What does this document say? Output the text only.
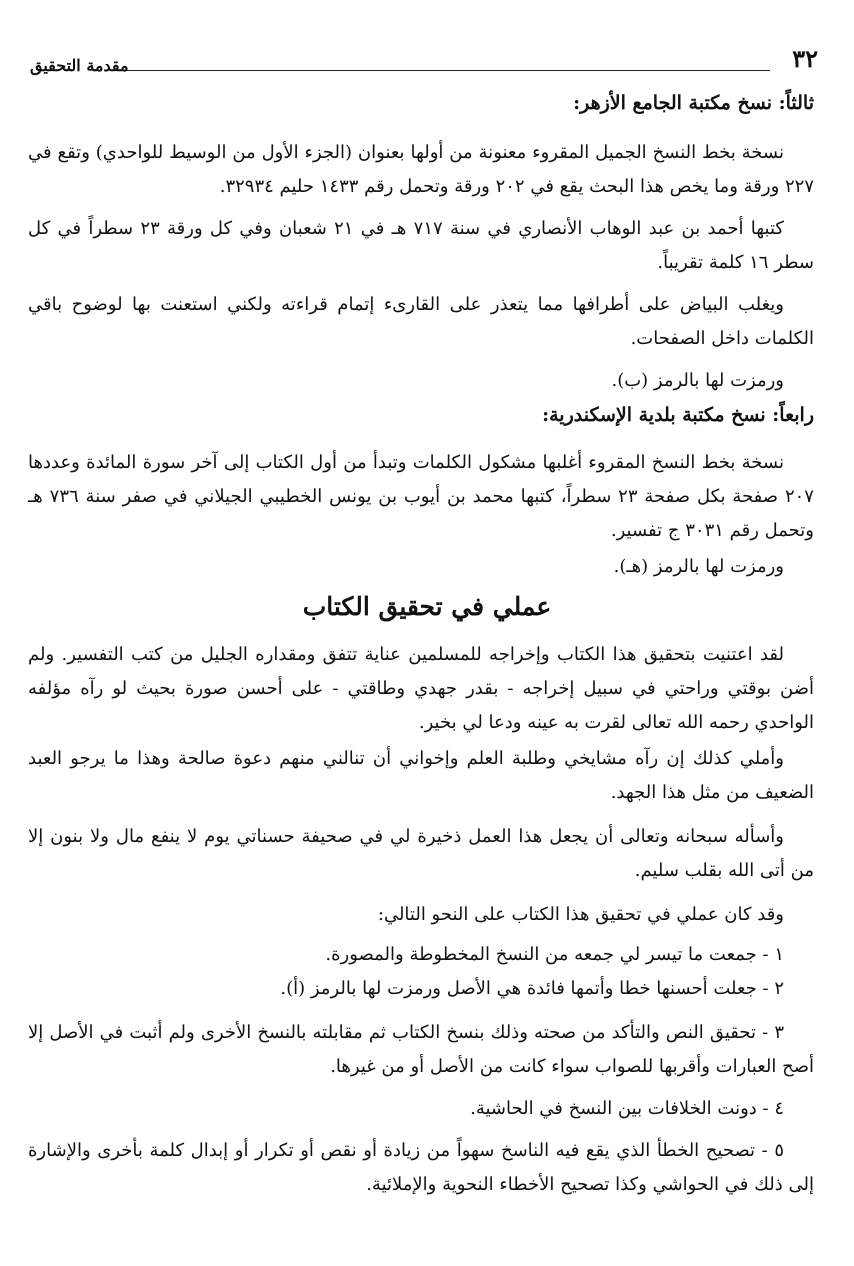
٣٢
مقدمة التحقيق
ثالثاً: نسخ مكتبة الجامع الأزهر:
نسخة بخط النسخ الجميل المقروء معنونة من أولها بعنوان (الجزء الأول من الوسيط للواحدي) وتقع في ٢٢٧ ورقة وما يخص هذا البحث يقع في ٢٠٢ ورقة وتحمل رقم ١٤٣٣ حليم ٣٢٩٣٤.
كتبها أحمد بن عبد الوهاب الأنصاري في سنة ٧١٧ هـ في ٢١ شعبان وفي كل ورقة ٢٣ سطراً في كل سطر ١٦ كلمة تقريباً.
ويغلب البياض على أطرافها مما يتعذر على القارىء إتمام قراءته ولكني استعنت بها لوضوح باقي الكلمات داخل الصفحات.
ورمزت لها بالرمز (ب).
رابعاً: نسخ مكتبة بلدية الإسكندرية:
نسخة بخط النسخ المقروء أغلبها مشكول الكلمات وتبدأ من أول الكتاب إلى آخر سورة المائدة وعددها ٢٠٧ صفحة بكل صفحة ٢٣ سطراً، كتبها محمد بن أيوب بن يونس الخطيبي الجيلاني في صفر سنة ٧٣٦ هـ وتحمل رقم ٣٠٣١ ج تفسير.
ورمزت لها بالرمز (هـ).
عملي في تحقيق الكتاب
لقد اعتنيت بتحقيق هذا الكتاب وإخراجه للمسلمين عناية تتفق ومقداره الجليل من كتب التفسير. ولم أضن بوقتي وراحتي في سبيل إخراجه - بقدر جهدي وطاقتي - على أحسن صورة بحيث لو رآه مؤلفه الواحدي رحمه الله تعالى لقرت به عينه ودعا لي بخير.
وأملي كذلك إن رآه مشايخي وطلبة العلم وإخواني أن تنالني منهم دعوة صالحة وهذا ما يرجو العبد الضعيف من مثل هذا الجهد.
وأسأله سبحانه وتعالى أن يجعل هذا العمل ذخيرة لي في صحيفة حسناتي يوم لا ينفع مال ولا بنون إلا من أتى الله بقلب سليم.
وقد كان عملي في تحقيق هذا الكتاب على النحو التالي:
١ - جمعت ما تيسر لي جمعه من النسخ المخطوطة والمصورة.
٢ - جعلت أحسنها خطا وأتمها فائدة هي الأصل ورمزت لها بالرمز (أ).
٣ - تحقيق النص والتأكد من صحته وذلك بنسخ الكتاب ثم مقابلته بالنسخ الأخرى ولم أثبت في الأصل إلا أصح العبارات وأقربها للصواب سواء كانت من الأصل أو من غيرها.
٤ - دونت الخلافات بين النسخ في الحاشية.
٥ - تصحيح الخطأ الذي يقع فيه الناسخ سهواً من زيادة أو نقص أو تكرار أو إبدال كلمة بأخرى والإشارة إلى ذلك في الحواشي وكذا تصحيح الأخطاء النحوية والإملائية.
